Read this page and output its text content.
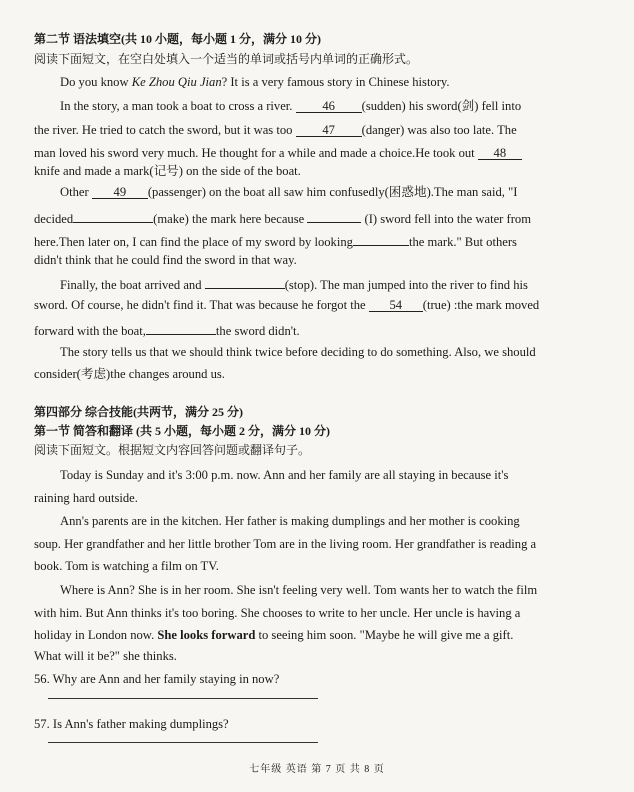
第二节 语法填空(共 10 小题，每小题 1 分，满分 10 分)
阅读下面短文，在空白处填入一个适当的单词或括号内单词的正确形式。
Do you know Ke Zhou Qiu Jian? It is a very famous story in Chinese history.
In the story, a man took a boat to cross a river. 46 (sudden) his sword(剑) fell into
the river. He tried to catch the sword, but it was too 47 (danger) was also too late. The
man loved his sword very much. He thought for a while and made a choice.He took out 48
knife and made a mark(记号) on the side of the boat.
Other 49 (passenger) on the boat all saw him confusedly(困惑地).The man said, "I
decided	(make) the mark here because	(I) sword fell into the water from
here.Then later on, I can find the place of my sword by looking	the mark." But others
didn't think that he could find the sword in that way.
Finally, the boat arrived and	(stop). The man jumped into the river to find his
sword. Of course, he didn't find it. That was because he forgot the 54 (true) :the mark moved
forward with the boat,	the sword didn't.
The story tells us that we should think twice before deciding to do something. Also, we should
consider(考虑)the changes around us.
第四部分 综合技能(共两节，满分 25 分)
第一节 简答和翻译 (共 5 小题，每小题 2 分，满分 10 分)
阅读下面短文。根据短文内容回答问题或翻译句子。
Today is Sunday and it's 3:00 p.m. now. Ann and her family are all staying in because it's
raining hard outside.
Ann's parents are in the kitchen. Her father is making dumplings and her mother is cooking
soup. Her grandfather and her little brother Tom are in the living room. Her grandfather is reading a
book. Tom is watching a film on TV.
Where is Ann? She is in her room. She isn't feeling very well. Tom wants her to watch the film
with him. But Ann thinks it's too boring. She chooses to write to her uncle. Her uncle is having a
holiday in London now. She looks forward to seeing him soon. "Maybe he will give me a gift.
What will it be?" she thinks.
56. Why are Ann and her family staying in now?
57. Is Ann's father making dumplings?
七年级 英语 第 7 页 共 8 页
